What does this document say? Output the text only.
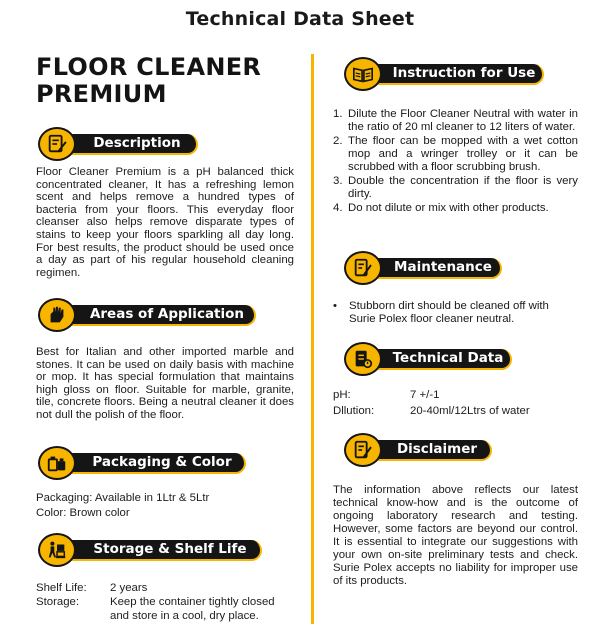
Technical Data Sheet
FLOOR CLEANER
PREMIUM
Description
Floor Cleaner Premium is a pH balanced thick concentrated cleaner, It has a refreshing lemon scent and helps remove a hundred types of bacteria from your floors. This everyday floor cleanser also helps remove disparate types of stains to keep your floors sparkling all day long. For best results, the product should be used once a day as part of his regular household cleaning regimen.
Areas of Application
Best for Italian and other imported marble and stones. It can be used on daily basis with machine or mop. It has special formulation that maintains high gloss on floor. Suitable for marble, granite, tile, concrete floors. Being a neutral cleaner it does not dull the polish of the floor.
Packaging & Color
Packaging: Available in 1Ltr & 5Ltr
Color: Brown color
Storage & Shelf Life
Shelf Life: 2 years
Storage:	Keep the container tightly closed
and store in a cool, dry place.
Instruction for Use
1. Dilute the Floor Cleaner Neutral with water in the ratio of 20 ml cleaner to 12 liters of water.
2. The floor can be mopped with a wet cotton mop and a wringer trolley or it can be scrubbed with a floor scrubbing brush.
3. Double the concentration if the floor is very dirty.
4. Do not dilute or mix with other products.
Maintenance
• Stubborn dirt should be cleaned off with Surie Polex floor cleaner neutral.
Technical Data
pH:	7 +/-1
Dllution:	20-40ml/12Ltrs of water
Disclaimer
The information above reflects our latest technical know-how and is the outcome of ongoing laboratory research and testing. However, some factors are beyond our control. It is essential to integrate our suggestions with your own on-site preliminary tests and check. Surie Polex accepts no liability for improper use of its products.
